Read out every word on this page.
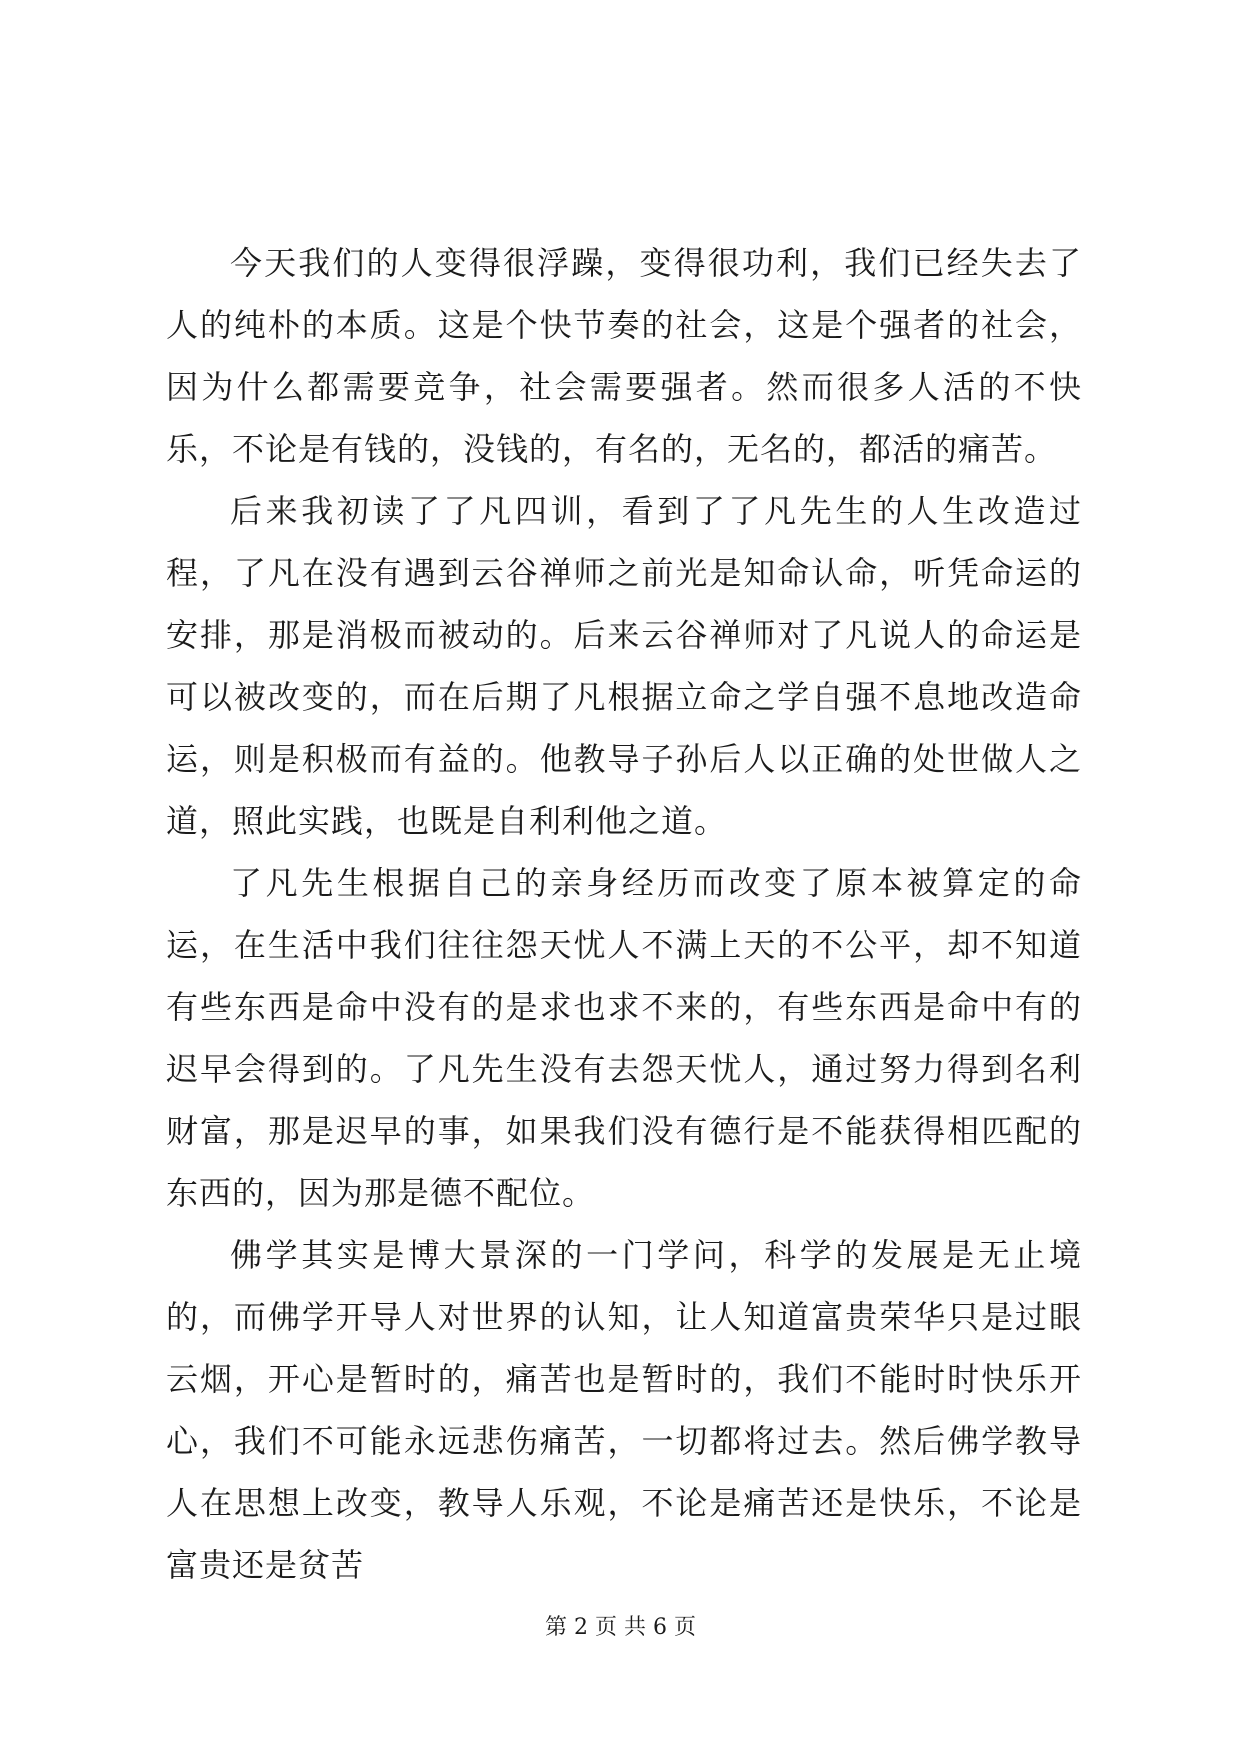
今天我们的人变得很浮躁，变得很功利，我们已经失去了人的纯朴的本质。这是个快节奏的社会，这是个强者的社会，因为什么都需要竞争，社会需要强者。然而很多人活的不快乐，不论是有钱的，没钱的，有名的，无名的，都活的痛苦。

后来我初读了了凡四训，看到了了凡先生的人生改造过程，了凡在没有遇到云谷禅师之前光是知命认命，听凭命运的安排，那是消极而被动的。后来云谷禅师对了凡说人的命运是可以被改变的，而在后期了凡根据立命之学自强不息地改造命运，则是积极而有益的。他教导子孙后人以正确的处世做人之道，照此实践，也既是自利利他之道。

了凡先生根据自己的亲身经历而改变了原本被算定的命运，在生活中我们往往怨天忧人不满上天的不公平，却不知道有些东西是命中没有的是求也求不来的，有些东西是命中有的迟早会得到的。了凡先生没有去怨天忧人，通过努力得到名利财富，那是迟早的事，如果我们没有德行是不能获得相匹配的东西的，因为那是德不配位。

佛学其实是博大景深的一门学问，科学的发展是无止境的，而佛学开导人对世界的认知，让人知道富贵荣华只是过眼云烟，开心是暂时的，痛苦也是暂时的，我们不能时时快乐开心，我们不可能永远悲伤痛苦，一切都将过去。然后佛学教导人在思想上改变，教导人乐观，不论是痛苦还是快乐，不论是富贵还是贫苦

第 2 页 共 6 页
